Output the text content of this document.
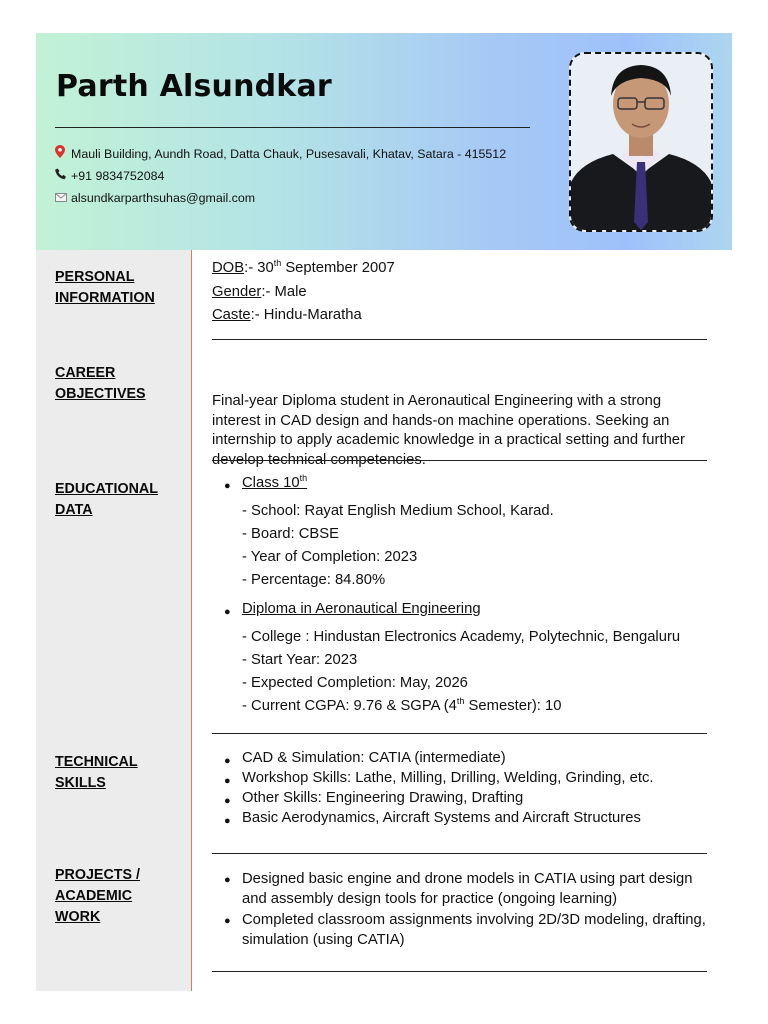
Parth Alsundkar
Mauli Building, Aundh Road, Datta Chauk, Pusesavali, Khatav, Satara - 415512
+91 9834752084
alsundkarparthsuhas@gmail.com
PERSONAL
INFORMATION
CAREER
OBJECTIVES
EDUCATIONAL
DATA
TECHNICAL
SKILLS
PROJECTS /
ACADEMIC
WORK
DOB:- 30th September 2007
Gender:- Male
Caste:- Hindu-Maratha
Final-year Diploma student in Aeronautical Engineering with a strong interest in CAD design and hands-on machine operations. Seeking an internship to apply academic knowledge in a practical setting and further develop technical competencies.
● Class 10th
- School: Rayat English Medium School, Karad.
- Board: CBSE
- Year of Completion: 2023
- Percentage: 84.80%
● Diploma in Aeronautical Engineering
- College : Hindustan Electronics Academy, Polytechnic, Bengaluru
- Start Year: 2023
- Expected Completion: May, 2026
- Current CGPA: 9.76 & SGPA (4th Semester): 10
● CAD & Simulation: CATIA (intermediate)
● Workshop Skills: Lathe, Milling, Drilling, Welding, Grinding, etc.
● Other Skills: Engineering Drawing, Drafting
● Basic Aerodynamics, Aircraft Systems and Aircraft Structures
● Designed basic engine and drone models in CATIA using part design and assembly design tools for practice (ongoing learning)
● Completed classroom assignments involving 2D/3D modeling, drafting, simulation (using CATIA)
